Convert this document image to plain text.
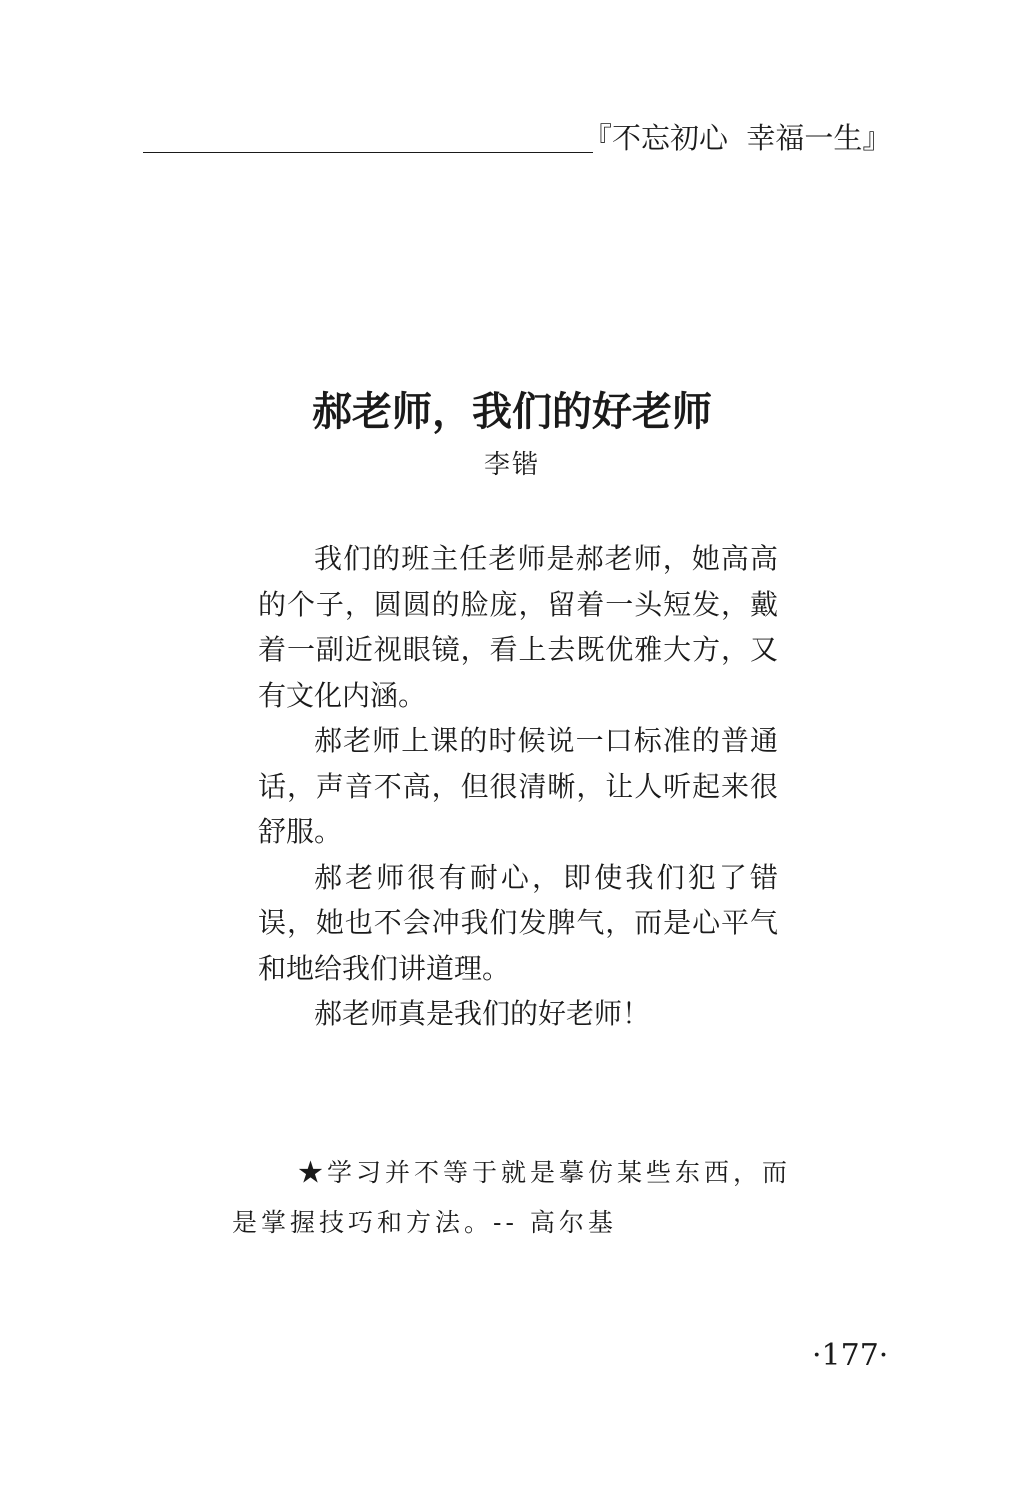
『不忘初心  幸福一生』
郝老师，我们的好老师
李锴

我们的班主任老师是郝老师，她高高的个子，圆圆的脸庞，留着一头短发，戴着一副近视眼镜，看上去既优雅大方，又有文化内涵。

郝老师上课的时候说一口标准的普通话，声音不高，但很清晰，让人听起来很舒服。

郝老师很有耐心，即使我们犯了错误，她也不会冲我们发脾气，而是心平气和地给我们讲道理。

郝老师真是我们的好老师！

★学习并不等于就是摹仿某些东西，而
是掌握技巧和方法。-- 高尔基
·177·
